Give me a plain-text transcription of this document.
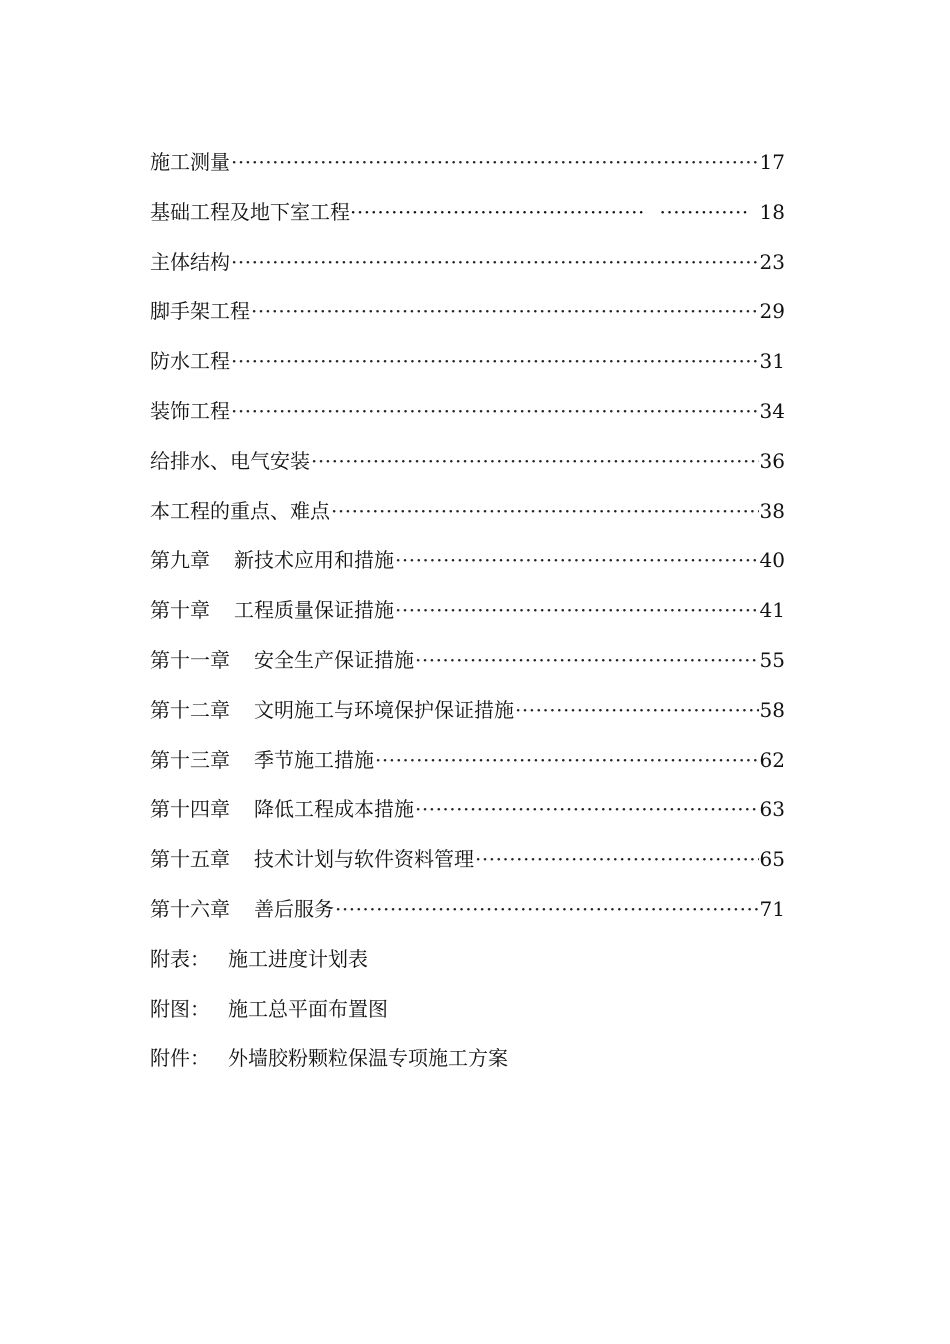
施工测量 ·····	17
基础工程及地下室工程 ····· ·····	18
主体结构 ·····	23
脚手架工程 ·····	29
防水工程 ·····	31
装饰工程 ·····	34
给排水、电气安装 ·····	36
本工程的重点、难点 ·····	38
第九章 新技术应用和措施 ·····	40
第十章 工程质量保证措施 ·····	41
第十一章 安全生产保证措施 ·····	55
第十二章 文明施工与环境保护保证措施 ·····	58
第十三章 季节施工措施 ·····	62
第十四章 降低工程成本措施 ·····	63
第十五章 技术计划与软件资料管理 ·····	65
第十六章 善后服务 ·····	71
附表： 施工进度计划表
附图： 施工总平面布置图
附件： 外墙胶粉颗粒保温专项施工方案
